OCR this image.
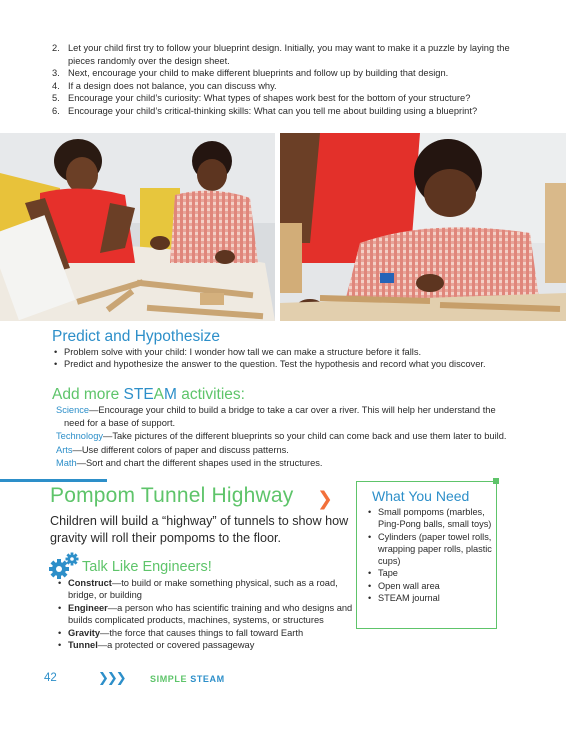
2. Let your child first try to follow your blueprint design. Initially, you may want to make it a puzzle by laying the pieces randomly over the design sheet.
3. Next, encourage your child to make different blueprints and follow up by building that design.
4. If a design does not balance, you can discuss why.
5. Encourage your child’s curiosity: What types of shapes work best for the bottom of your structure?
6. Encourage your child’s critical-thinking skills: What can you tell me about building using a blueprint?
Predict and Hypothesize
• Problem solve with your child: I wonder how tall we can make a structure before it falls.
• Predict and hypothesize the answer to the question. Test the hypothesis and record what you discover.
Add more STEAM activities:
Science—Encourage your child to build a bridge to take a car over a river. This will help her understand the
need for a base of support.
Technology—Take pictures of the different blueprints so your child can come back and use them later to build.
Arts—Use different colors of paper and discuss patterns.
Math—Sort and chart the different shapes used in the structures.
Pompom Tunnel Highway ❯
Children will build a “highway” of tunnels to show how gravity will roll their pompoms to the floor.
Talk Like Engineers!
• Construct—to build or make something physical, such as a road, bridge, or building
• Engineer—a person who has scientific training and who designs and builds complicated products, machines, systems, or structures
• Gravity—the force that causes things to fall toward Earth
• Tunnel—a protected or covered passageway
What You Need
• Small pompoms (marbles, Ping-Pong balls, small toys)
• Cylinders (paper towel rolls, wrapping paper rolls, plastic cups)
• Tape
• Open wall area
• STEAM journal
42	❯❯❯	SIMPLE STEAM
